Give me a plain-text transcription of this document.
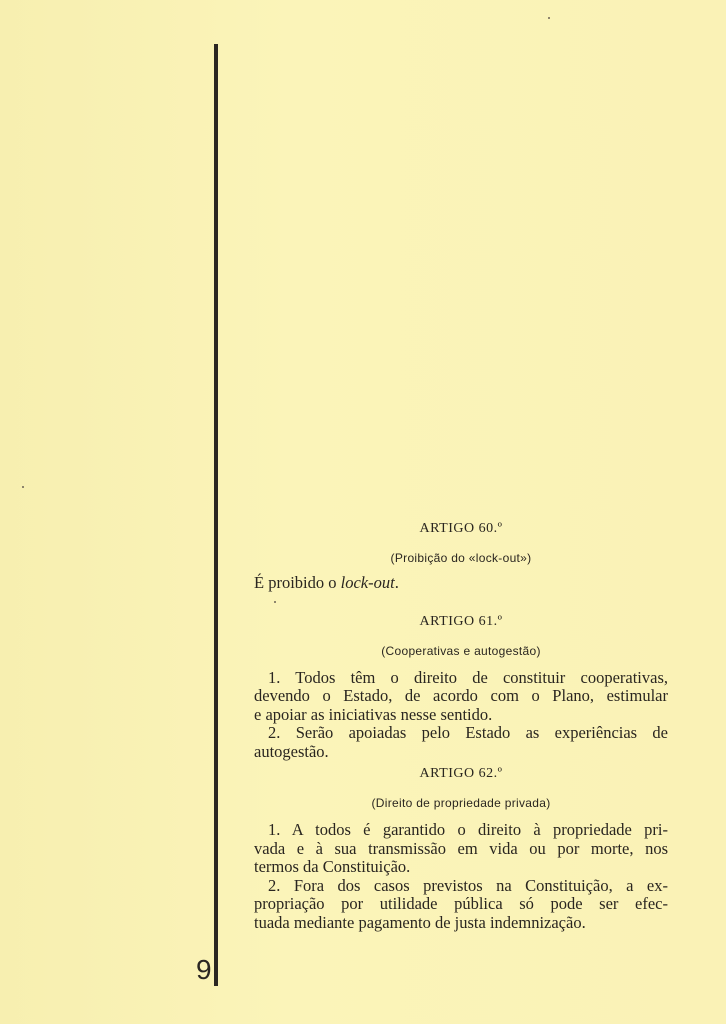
9

ARTIGO 60.º

(Proibição do «lock-out»)

É proibido o lock-out.

ARTIGO 61.º

(Cooperativas e autogestão)

1. Todos têm o direito de constituir cooperativas,
devendo o Estado, de acordo com o Plano, estimular
e apoiar as iniciativas nesse sentido.
2. Serão apoiadas pelo Estado as experiências de
autogestão.

ARTIGO 62.º

(Direito de propriedade privada)

1. A todos é garantido o direito à propriedade pri-
vada e à sua transmissão em vida ou por morte, nos
termos da Constituição.
2. Fora dos casos previstos na Constituição, a ex-
propriação por utilidade pública só pode ser efec-
tuada mediante pagamento de justa indemnização.
